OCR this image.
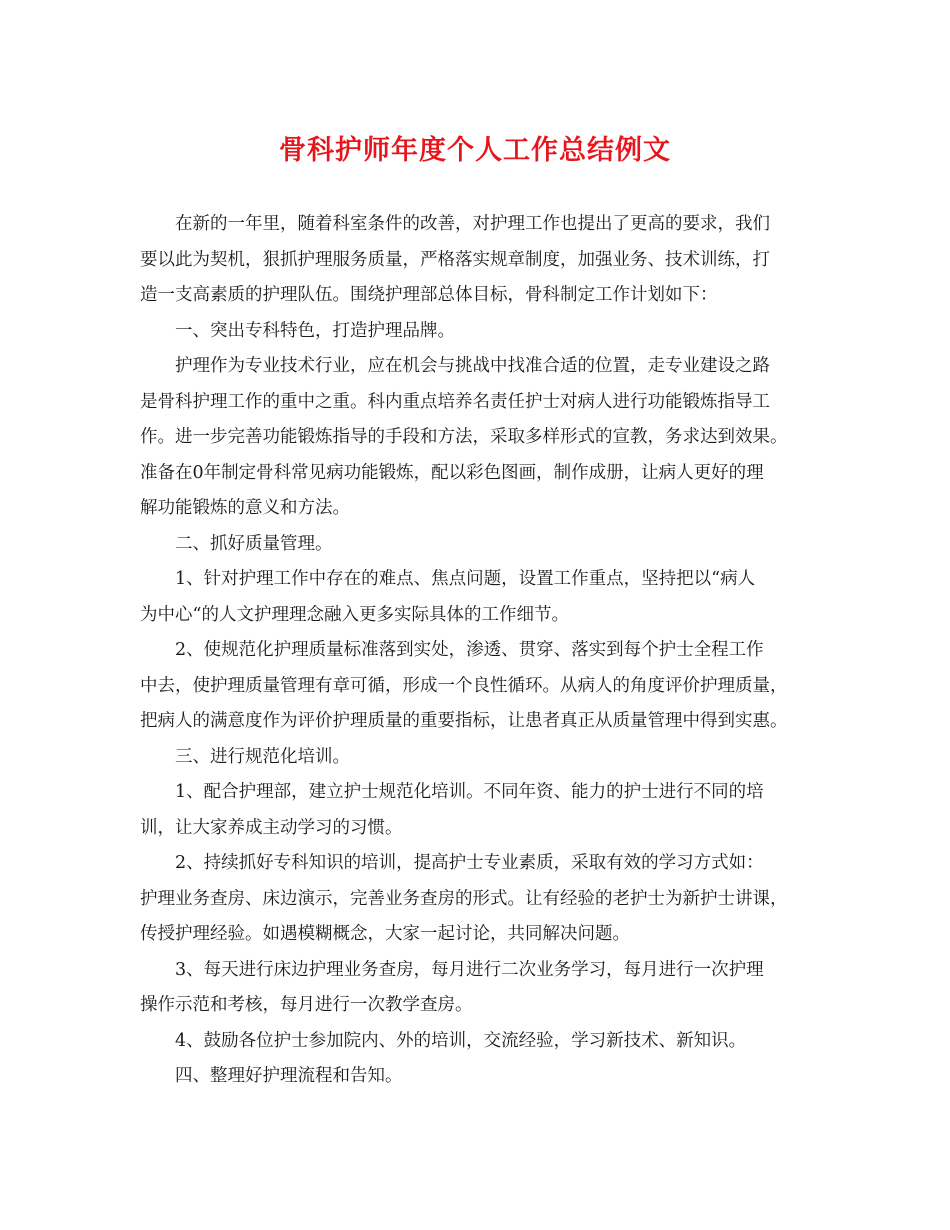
骨科护师年度个人工作总结例文
在新的一年里，随着科室条件的改善，对护理工作也提出了更高的要求，我们
要以此为契机，狠抓护理服务质量，严格落实规章制度，加强业务、技术训练，打
造一支高素质的护理队伍。围绕护理部总体目标，骨科制定工作计划如下：
一、突出专科特色，打造护理品牌。
护理作为专业技术行业，应在机会与挑战中找准合适的位置，走专业建设之路
是骨科护理工作的重中之重。科内重点培养名责任护士对病人进行功能锻炼指导工
作。进一步完善功能锻炼指导的手段和方法，采取多样形式的宣教，务求达到效果。
准备在0年制定骨科常见病功能锻炼，配以彩色图画，制作成册，让病人更好的理
解功能锻炼的意义和方法。
二、抓好质量管理。
1、针对护理工作中存在的难点、焦点问题，设置工作重点，坚持把以“病人
为中心“的人文护理理念融入更多实际具体的工作细节。
2、使规范化护理质量标准落到实处，渗透、贯穿、落实到每个护士全程工作
中去，使护理质量管理有章可循，形成一个良性循环。从病人的角度评价护理质量，
把病人的满意度作为评价护理质量的重要指标，让患者真正从质量管理中得到实惠。
三、进行规范化培训。
1、配合护理部，建立护士规范化培训。不同年资、能力的护士进行不同的培
训，让大家养成主动学习的习惯。
2、持续抓好专科知识的培训，提高护士专业素质，采取有效的学习方式如：
护理业务查房、床边演示，完善业务查房的形式。让有经验的老护士为新护士讲课，
传授护理经验。如遇模糊概念，大家一起讨论，共同解决问题。
3、每天进行床边护理业务查房，每月进行二次业务学习，每月进行一次护理
操作示范和考核，每月进行一次教学查房。
4、鼓励各位护士参加院内、外的培训，交流经验，学习新技术、新知识。
四、整理好护理流程和告知。
